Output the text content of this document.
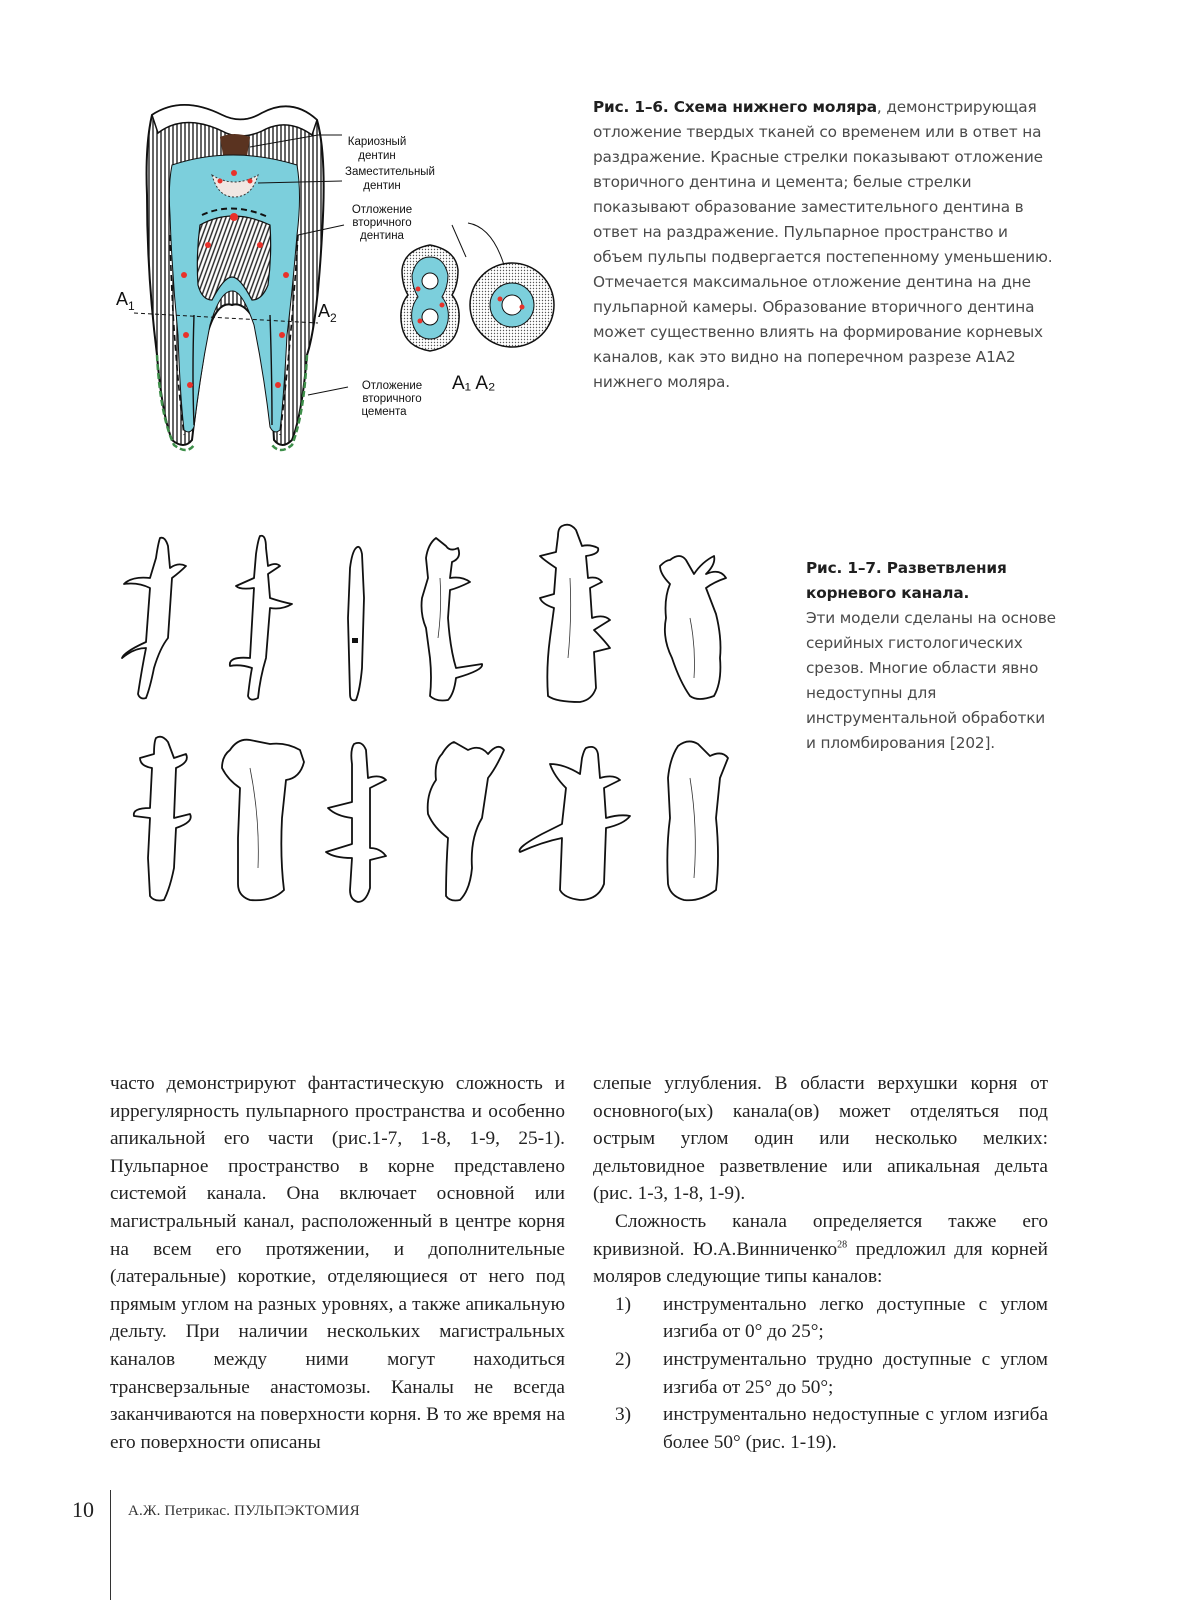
$A_1$	$A_2$
Кариозный
дентин
Заместительный
дентин
Отложение
вторичного
дентина
Отложение
вторичного
цемента
A₁ A₂
Рис. 1–6. Схема нижнего моляра, демонстрирующая отложение твердых тканей со временем или в ответ на раздражение. Красные стрелки показывают отложение вторичного дентина и цемента; белые стрелки показывают образование заместительного дентина в ответ на раздражение. Пульпарное пространство и объем пульпы подвергается постепенному уменьшению. Отмечается максимальное отложение дентина на дне пульпарной камеры. Образование вторичного дентина может существенно влиять на формирование корневых каналов, как это видно на поперечном разрезе А1А2 нижнего моляра.
Рис. 1–7. Разветвления
корневого канала.
Эти модели сделаны на основе серийных гистологических срезов. Многие области явно недоступны для инструментальной обработки и пломбирования [202].

часто демонстрируют фантастическую сложность и иррегулярность пульпарного пространства и особенно апикальной его части (рис.1-7, 1-8, 1-9, 25-1). Пульпарное пространство в корне представлено системой канала. Она включает основной или магистральный канал, расположенный в центре корня на всем его протяжении, и дополнительные (латеральные) короткие, отделяющиеся от него под прямым углом на разных уровнях, а также апикальную дельту. При наличии нескольких магистральных каналов между ними могут находиться трансверзальные анастомозы. Каналы не всегда заканчиваются на поверхности корня. В то же время на его поверхности описаны

слепые углубления. В области верхушки корня от основного(ых) канала(ов) может отделяться под острым углом один или несколько мелких: дельтовидное разветвление или апикальная дельта (рис. 1-3, 1-8, 1-9).

Сложность канала определяется также его кривизной. Ю.А.Винниченко$^{28}$ предложил для корней моляров следующие типы каналов:

1)	инструментально легко доступные с углом изгиба от 0° до 25°;
2)	инструментально трудно доступные с углом изгиба от 25° до 50°;
3)	инструментально недоступные с углом изгиба более 50° (рис. 1-19).
10 А.Ж. Петрикас. ПУЛЬПЭКТОМИЯ
